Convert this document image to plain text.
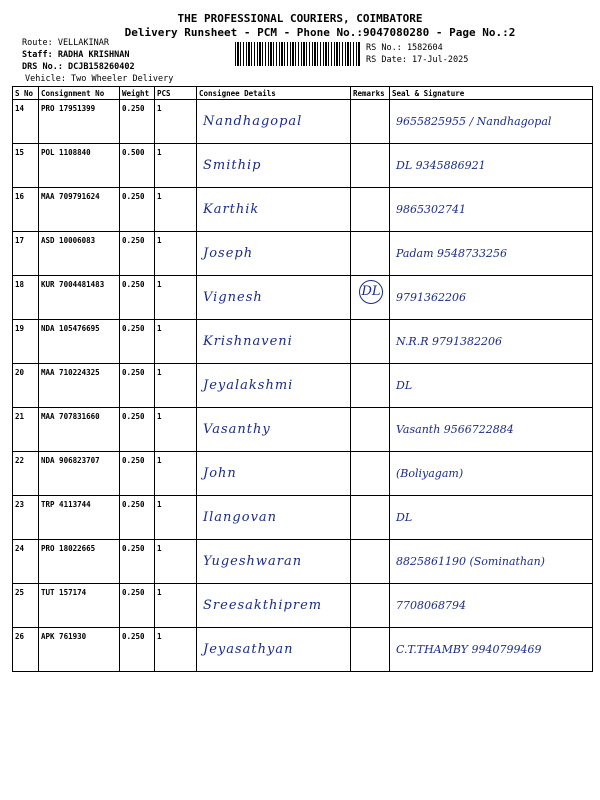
THE PROFESSIONAL COURIERS, COIMBATORE
Delivery Runsheet - PCM - Phone No.:9047080280 - Page No.:2
Route: VELLAKINAR
Staff: RADHA KRISHNAN
DRS No.: DCJB158260402
Vehicle: Two Wheeler Delivery
RS No.: 1582604
RS Date: 17-Jul-2025
S No	Consignment No	Weight	PCS	Consignee Details	Remarks	Seal & Signature
14	PRO 17951399	0.250	1	Nandhagopal		9655825955 / Nandhagopal
15	POL 1108840	0.500	1	Smithip		DL 9345886921
16	MAA 709791624	0.250	1	Karthik		9865302741
17	ASD 10006083	0.250	1	Joseph		Padam 9548733256
18	KUR 7004481483	0.250	1	Vignesh	DL	9791362206
19	NDA 105476695	0.250	1	Krishnaveni		N.R.R 9791382206
20	MAA 710224325	0.250	1	Jeyalakshmi		DL
21	MAA 707831660	0.250	1	Vasanthy		Vasanth 9566722884
22	NDA 906823707	0.250	1	John		(Boliyagam)
23	TRP 4113744	0.250	1	Ilangovan		DL
24	PRO 18022665	0.250	1	Yugeshwaran		8825861190 (Sominathan)
25	TUT 157174	0.250	1	Sreesakthiprem		7708068794
26	APK 761930	0.250	1	Jeyasathyan		C.T.THAMBY 9940799469
